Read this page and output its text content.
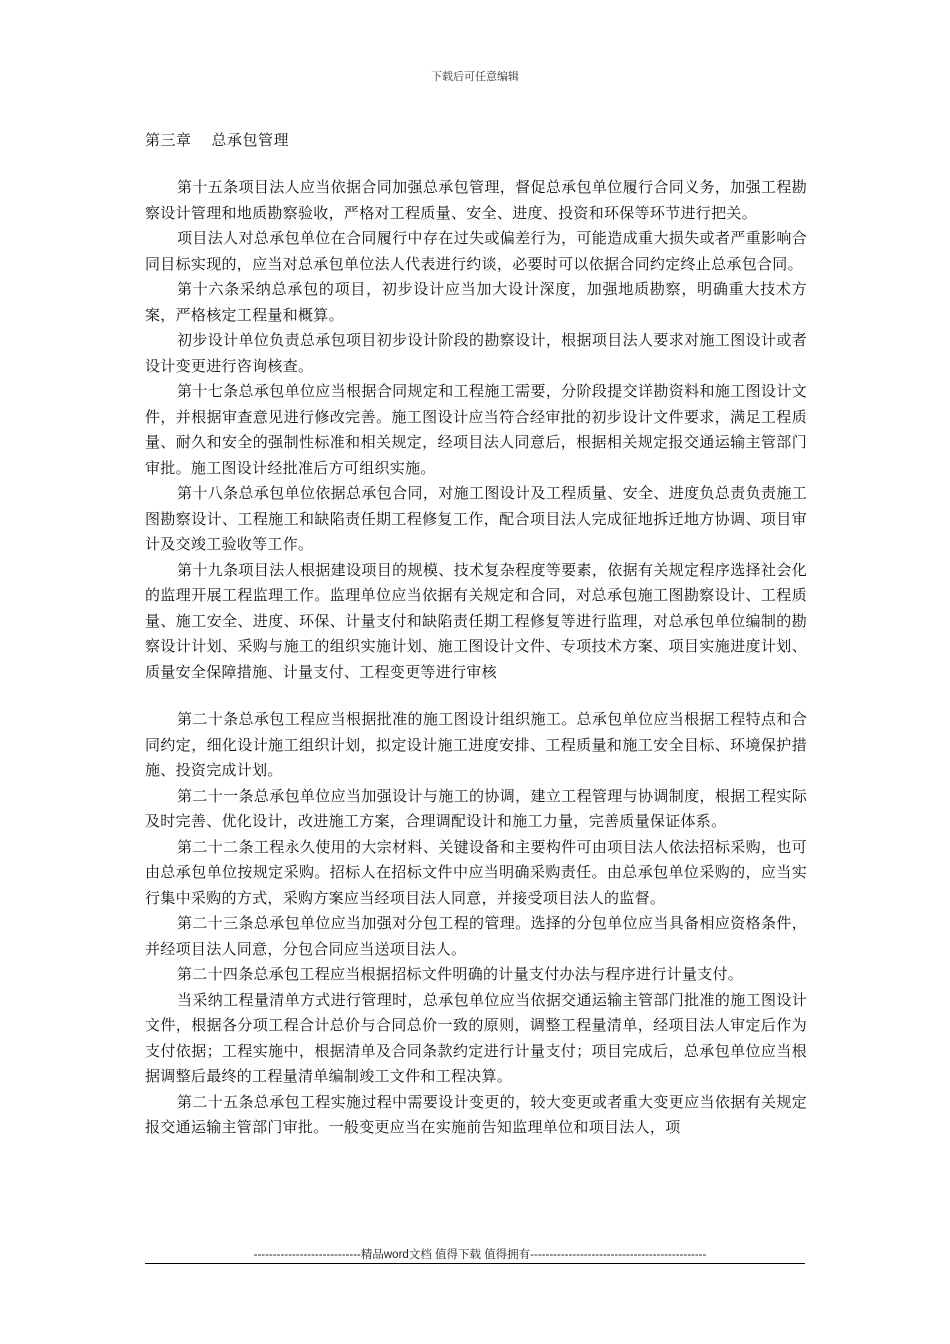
下载后可任意编辑
第三章 总承包管理

第十五条项目法人应当依据合同加强总承包管理，督促总承包单位履行合同义务，加强工程勘察设计管理和地质勘察验收，严格对工程质量、安全、进度、投资和环保等环节进行把关。

项目法人对总承包单位在合同履行中存在过失或偏差行为，可能造成重大损失或者严重影响合同目标实现的，应当对总承包单位法人代表进行约谈，必要时可以依据合同约定终止总承包合同。

第十六条采纳总承包的项目，初步设计应当加大设计深度，加强地质勘察，明确重大技术方案，严格核定工程量和概算。

初步设计单位负责总承包项目初步设计阶段的勘察设计，根据项目法人要求对施工图设计或者设计变更进行咨询核查。

第十七条总承包单位应当根据合同规定和工程施工需要，分阶段提交详勘资料和施工图设计文件，并根据审查意见进行修改完善。施工图设计应当符合经审批的初步设计文件要求，满足工程质量、耐久和安全的强制性标准和相关规定，经项目法人同意后，根据相关规定报交通运输主管部门审批。施工图设计经批准后方可组织实施。

第十八条总承包单位依据总承包合同，对施工图设计及工程质量、安全、进度负总责负责施工图勘察设计、工程施工和缺陷责任期工程修复工作，配合项目法人完成征地拆迁地方协调、项目审计及交竣工验收等工作。

第十九条项目法人根据建设项目的规模、技术复杂程度等要素，依据有关规定程序选择社会化的监理开展工程监理工作。监理单位应当依据有关规定和合同，对总承包施工图勘察设计、工程质量、施工安全、进度、环保、计量支付和缺陷责任期工程修复等进行监理，对总承包单位编制的勘察设计计划、采购与施工的组织实施计划、施工图设计文件、专项技术方案、项目实施进度计划、质量安全保障措施、计量支付、工程变更等进行审核

第二十条总承包工程应当根据批准的施工图设计组织施工。总承包单位应当根据工程特点和合同约定，细化设计施工组织计划，拟定设计施工进度安排、工程质量和施工安全目标、环境保护措施、投资完成计划。

第二十一条总承包单位应当加强设计与施工的协调，建立工程管理与协调制度，根据工程实际及时完善、优化设计，改进施工方案，合理调配设计和施工力量，完善质量保证体系。

第二十二条工程永久使用的大宗材料、关键设备和主要构件可由项目法人依法招标采购，也可由总承包单位按规定采购。招标人在招标文件中应当明确采购责任。由总承包单位采购的，应当实行集中采购的方式，采购方案应当经项目法人同意，并接受项目法人的监督。

第二十三条总承包单位应当加强对分包工程的管理。选择的分包单位应当具备相应资格条件，并经项目法人同意，分包合同应当送项目法人。

第二十四条总承包工程应当根据招标文件明确的计量支付办法与程序进行计量支付。

当采纳工程量清单方式进行管理时，总承包单位应当依据交通运输主管部门批准的施工图设计文件，根据各分项工程合计总价与合同总价一致的原则，调整工程量清单，经项目法人审定后作为支付依据；工程实施中，根据清单及合同条款约定进行计量支付；项目完成后，总承包单位应当根据调整后最终的工程量清单编制竣工文件和工程决算。

第二十五条总承包工程实施过程中需要设计变更的，较大变更或者重大变更应当依据有关规定报交通运输主管部门审批。一般变更应当在实施前告知监理单位和项目法人，项

----------------------------精品word文档 值得下载 值得拥有----------------------------------------------
